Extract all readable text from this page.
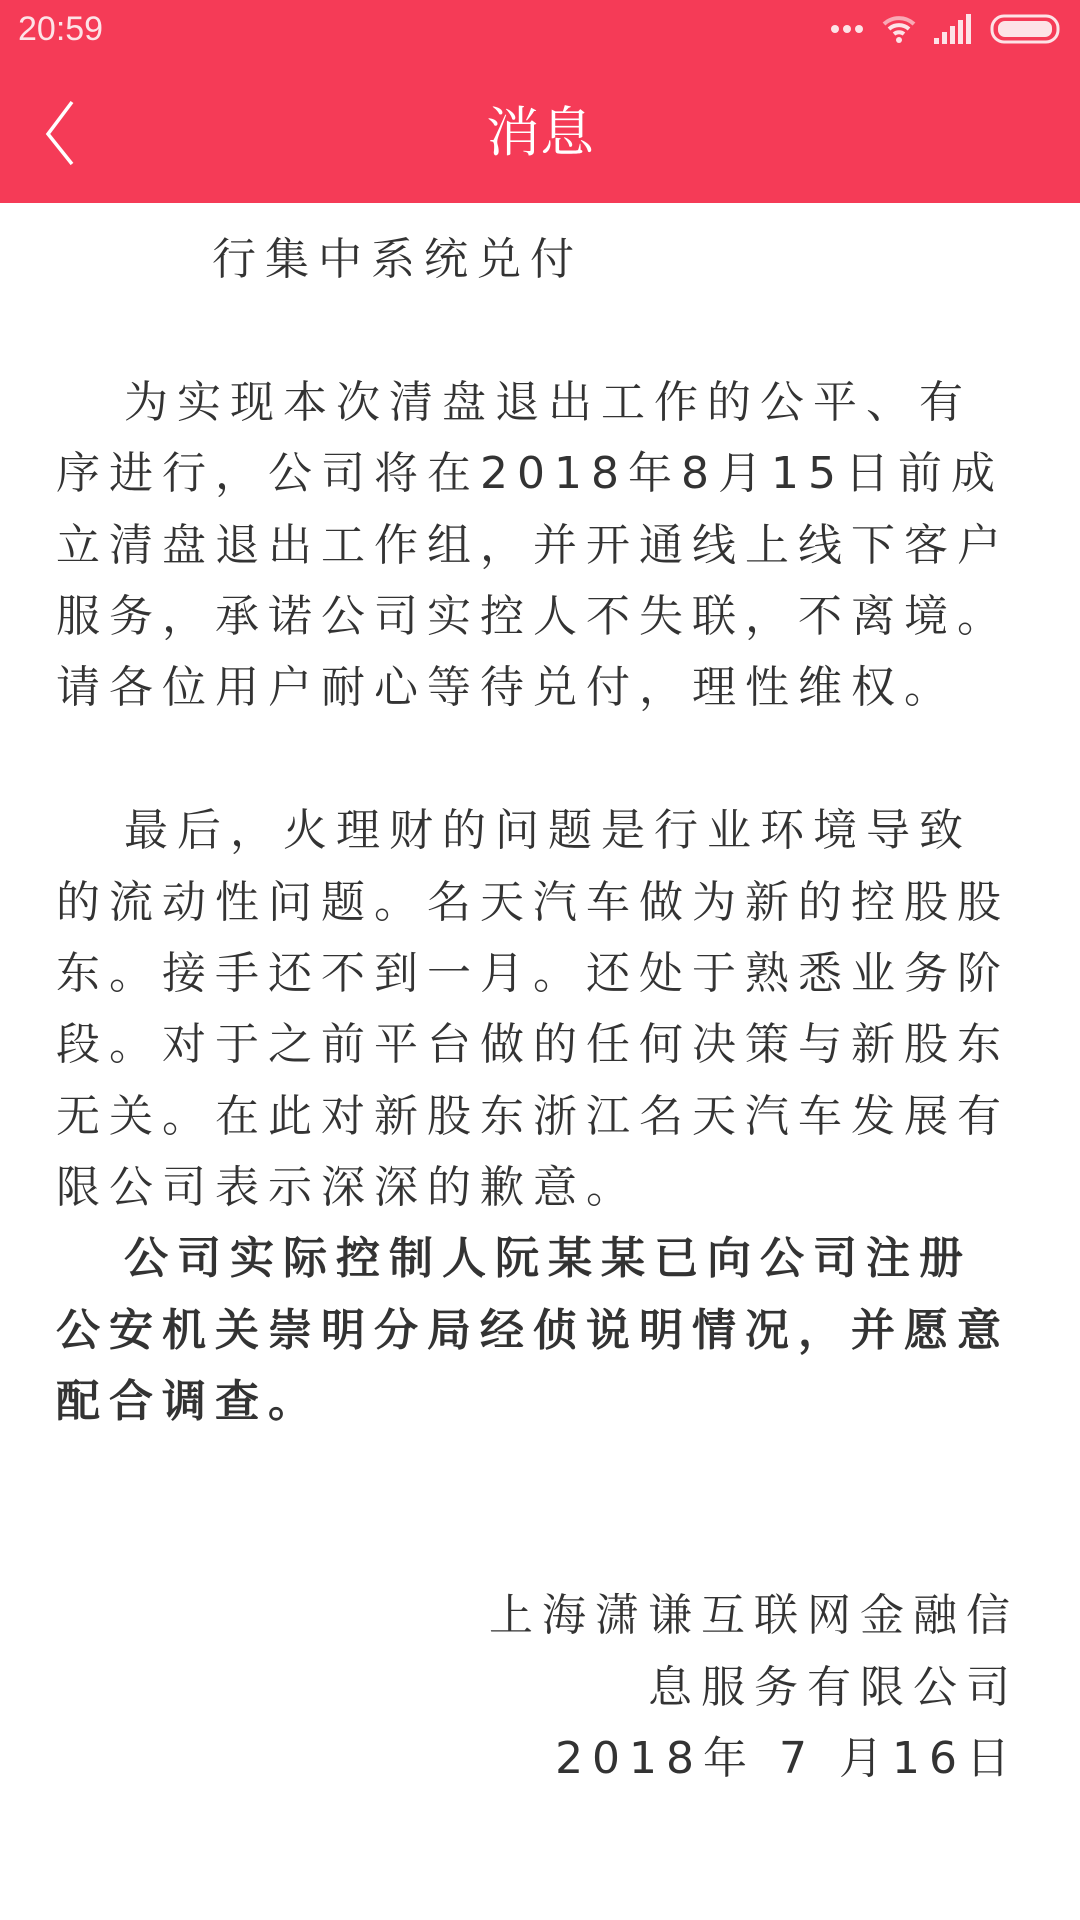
20:59
消息
行集中系统兑付
为实现本次清盘退出工作的公平、有
序进行，公司将在2018年8月15日前成
立清盘退出工作组，并开通线上线下客户
服务，承诺公司实控人不失联，不离境。
请各位用户耐心等待兑付，理性维权。
最后，火理财的问题是行业环境导致
的流动性问题。名天汽车做为新的控股股
东。接手还不到一月。还处于熟悉业务阶
段。对于之前平台做的任何决策与新股东
无关。在此对新股东浙江名天汽车发展有
限公司表示深深的歉意。
公司实际控制人阮某某已向公司注册
公安机关崇明分局经侦说明情况，并愿意
配合调查。
上海潇谦互联网金融信
息服务有限公司
2018年 7 月16日
